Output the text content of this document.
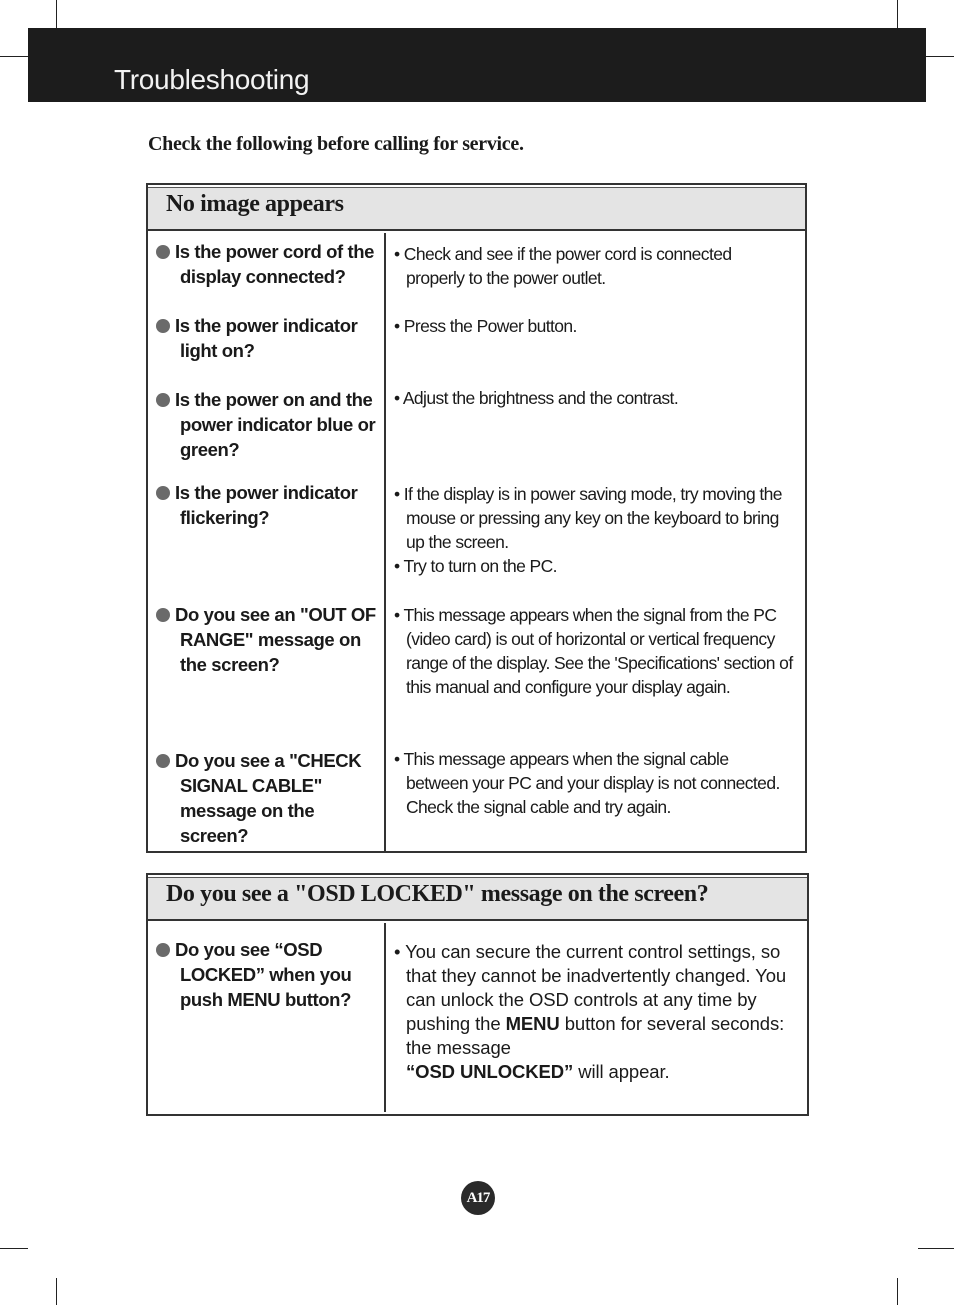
Troubleshooting
Check the following before calling for service.
No image appears
Is the power cord of the
display connected?

• Check and see if the power cord is connected properly to the power outlet.

Is the power indicator
light on?

• Press the Power button.

Is the power on and the
power indicator blue or
green?

• Adjust the brightness and the contrast.

Is the power indicator
flickering?

• If the display is in power saving mode, try moving the mouse or pressing any key on the keyboard to bring up the screen.

• Try to turn on the PC.

Do you see an "OUT OF
RANGE" message on
the screen?

• This message appears when the signal from the PC (video card) is out of horizontal or vertical frequency range of the display. See the 'Specifications' section of this manual and configure your display again.

Do you see a "CHECK
SIGNAL CABLE"
message on the
screen?

• This message appears when the signal cable between your PC and your display is not connected. Check the signal cable and try again.

Do you see a "OSD LOCKED" message on the screen?
Do you see “OSD
LOCKED” when you
push MENU button?
• You can secure the current control settings, so that they cannot be inadvertently changed. You can unlock the OSD controls at any time by pushing the MENU button for several seconds: the message
“OSD UNLOCKED” will appear.
A17
